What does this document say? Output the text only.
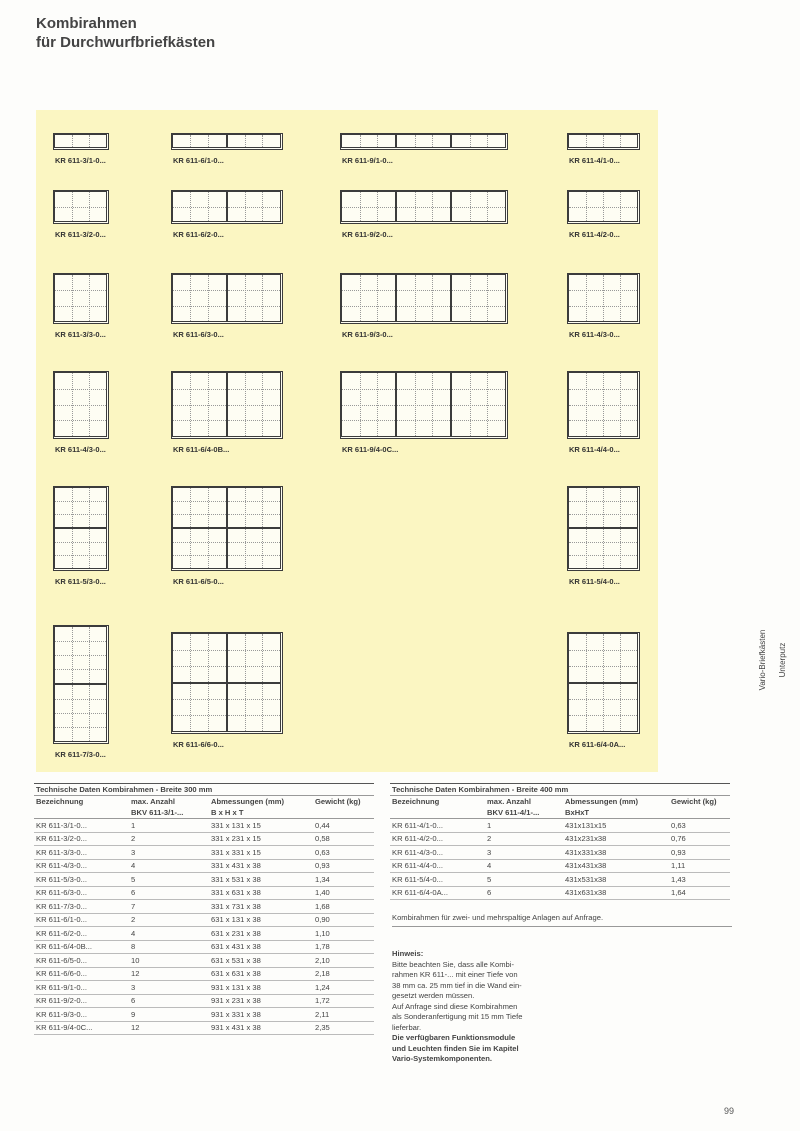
Kombirahmen
für Durchwurfbriefkästen
KR 611-3/1-0...	KR 611-6/1-0...	KR 611-9/1-0...	KR 611-4/1-0...
KR 611-3/2-0...	KR 611-6/2-0...	KR 611-9/2-0...	KR 611-4/2-0...
KR 611-3/3-0...	KR 611-6/3-0...	KR 611-9/3-0...	KR 611-4/3-0...
KR 611-4/3-0...	KR 611-6/4-0B...	KR 611-9/4-0C...	KR 611-4/4-0...
KR 611-5/3-0...	KR 611-6/5-0...	KR 611-5/4-0...
KR 611-7/3-0...
KR 611-6/6-0...	KR 611-6/4-0A...
Vario-Briefkästen Unterputz
Technische Daten Kombirahmen - Breite 300 mm			
Bezeichnung	max. Anzahl	Abmessungen (mm)	Gewicht (kg)
	BKV 611-3/1-...	B x H x T	
KR 611-3/1-0...	1	331 x 131 x 15	0,44
KR 611-3/2-0...	2	331 x 231 x 15	0,58
KR 611-3/3-0...	3	331 x 331 x 15	0,63
KR 611-4/3-0...	4	331 x 431 x 38	0,93
KR 611-5/3-0...	5	331 x 531 x 38	1,34
KR 611-6/3-0...	6	331 x 631 x 38	1,40
KR 611-7/3-0...	7	331 x 731 x 38	1,68
KR 611-6/1-0...	2	631 x 131 x 38	0,90
KR 611-6/2-0...	4	631 x 231 x 38	1,10
KR 611-6/4-0B...	8	631 x 431 x 38	1,78
KR 611-6/5-0...	10	631 x 531 x 38	2,10
KR 611-6/6-0...	12	631 x 631 x 38	2,18
KR 611-9/1-0...	3	931 x 131 x 38	1,24
KR 611-9/2-0...	6	931 x 231 x 38	1,72
KR 611-9/3-0...	9	931 x 331 x 38	2,11
KR 611-9/4-0C...	12	931 x 431 x 38	2,35
Technische Daten Kombirahmen - Breite 400 mm			
Bezeichnung	max. Anzahl	Abmessungen (mm)	Gewicht (kg)
	BKV 611-4/1-...	BxHxT	
KR 611-4/1-0...	1	431x131x15	0,63
KR 611-4/2-0...	2	431x231x38	0,76
KR 611-4/3-0...	3	431x331x38	0,93
KR 611-4/4-0...	4	431x431x38	1,11
KR 611-5/4-0...	5	431x531x38	1,43
KR 611-6/4-0A...	6	431x631x38	1,64
Kombirahmen für zwei- und mehrspaltige Anlagen auf Anfrage.
Hinweis:
Bitte beachten Sie, dass alle Kombi-
rahmen KR 611-... mit einer Tiefe von
38 mm ca. 25 mm tief in die Wand ein-
gesetzt werden müssen.
Auf Anfrage sind diese Kombirahmen
als Sonderanfertigung mit 15 mm Tiefe
lieferbar.
Die verfügbaren Funktionsmodule
und Leuchten finden Sie im Kapitel
Vario-Systemkomponenten.
99
